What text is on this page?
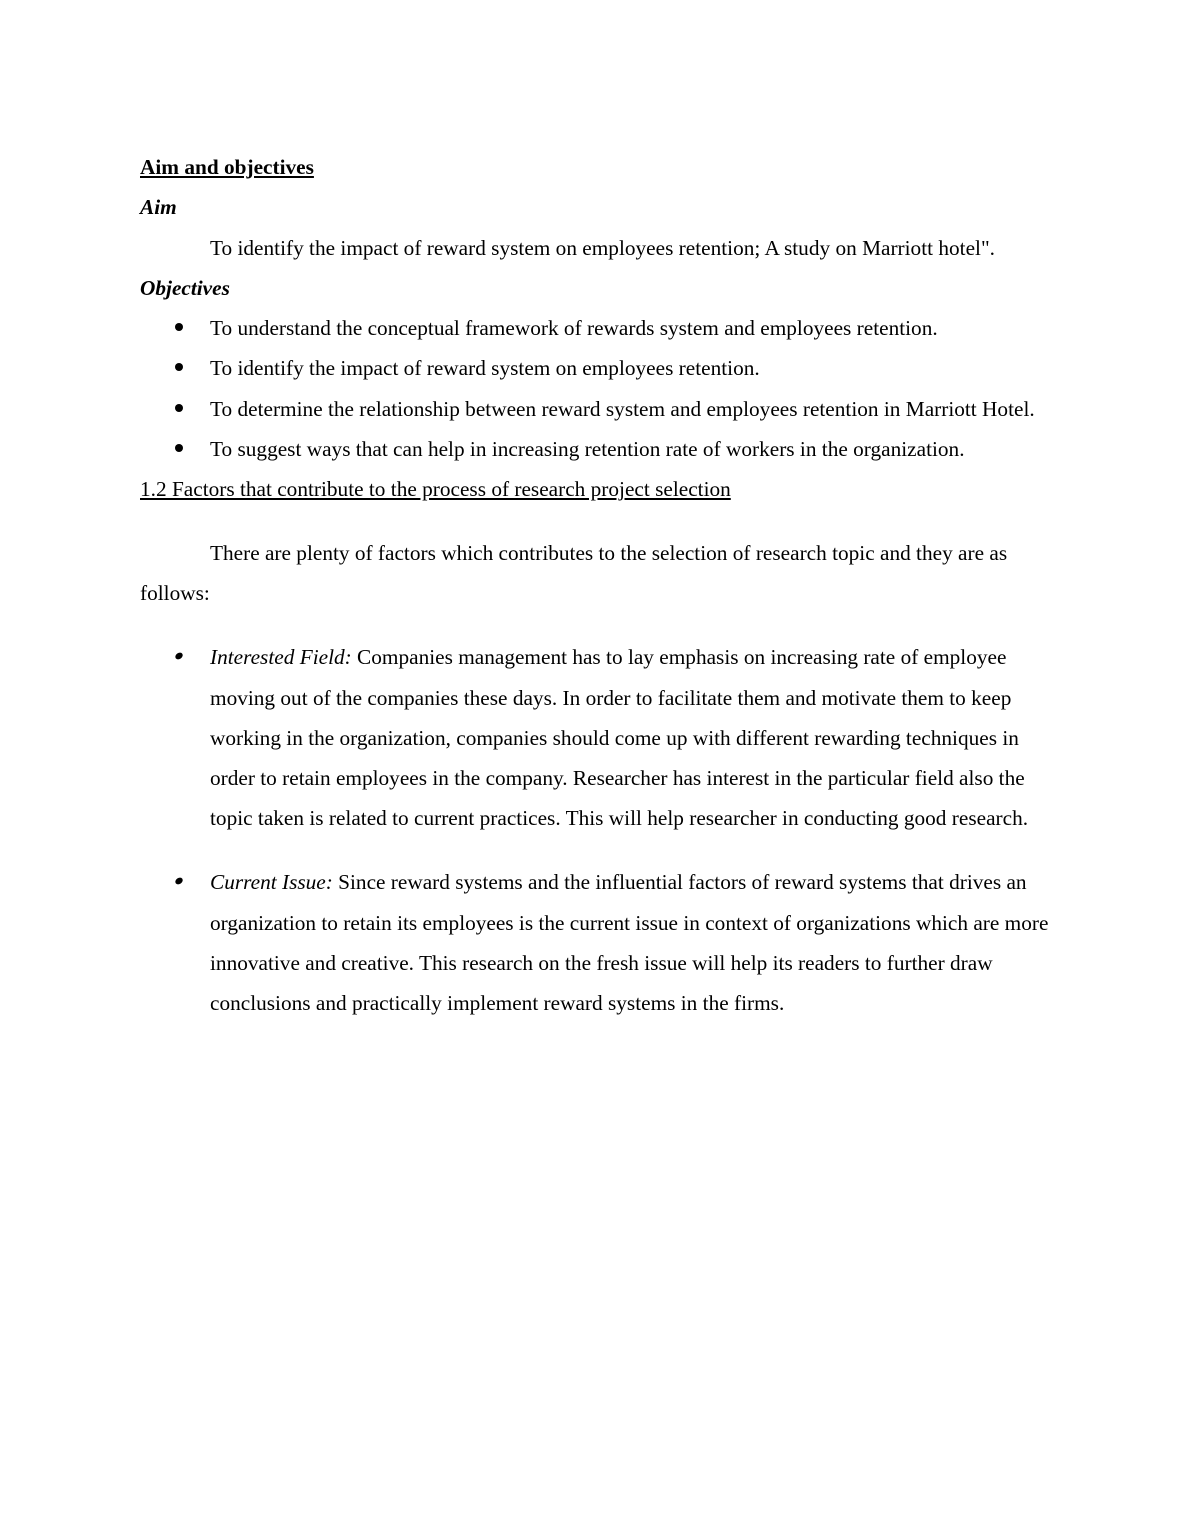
Aim and objectives

Aim

To identify the impact of reward system on employees retention; A study on Marriott hotel".

Objectives

To understand the conceptual framework of rewards system and employees retention.
To identify the impact of reward system on employees retention.
To determine the relationship between reward system and employees retention in Marriott Hotel.
To suggest ways that can help in increasing retention rate of workers in the organization.

1.2 Factors that contribute to the process of research project selection

There are plenty of factors which contributes to the selection of research topic and they are as follows:

Interested Field: Companies management has to lay emphasis on increasing rate of employee moving out of the companies these days. In order to facilitate them and motivate them to keep working in the organization, companies should come up with different rewarding techniques in order to retain employees in the company. Researcher has interest in the particular field also the topic taken is related to current practices. This will help researcher in conducting good research.
Current Issue: Since reward systems and the influential factors of reward systems that drives an organization to retain its employees is the current issue in context of organizations which are more innovative and creative. This research on the fresh issue will help its readers to further draw conclusions and practically implement reward systems in the firms.
